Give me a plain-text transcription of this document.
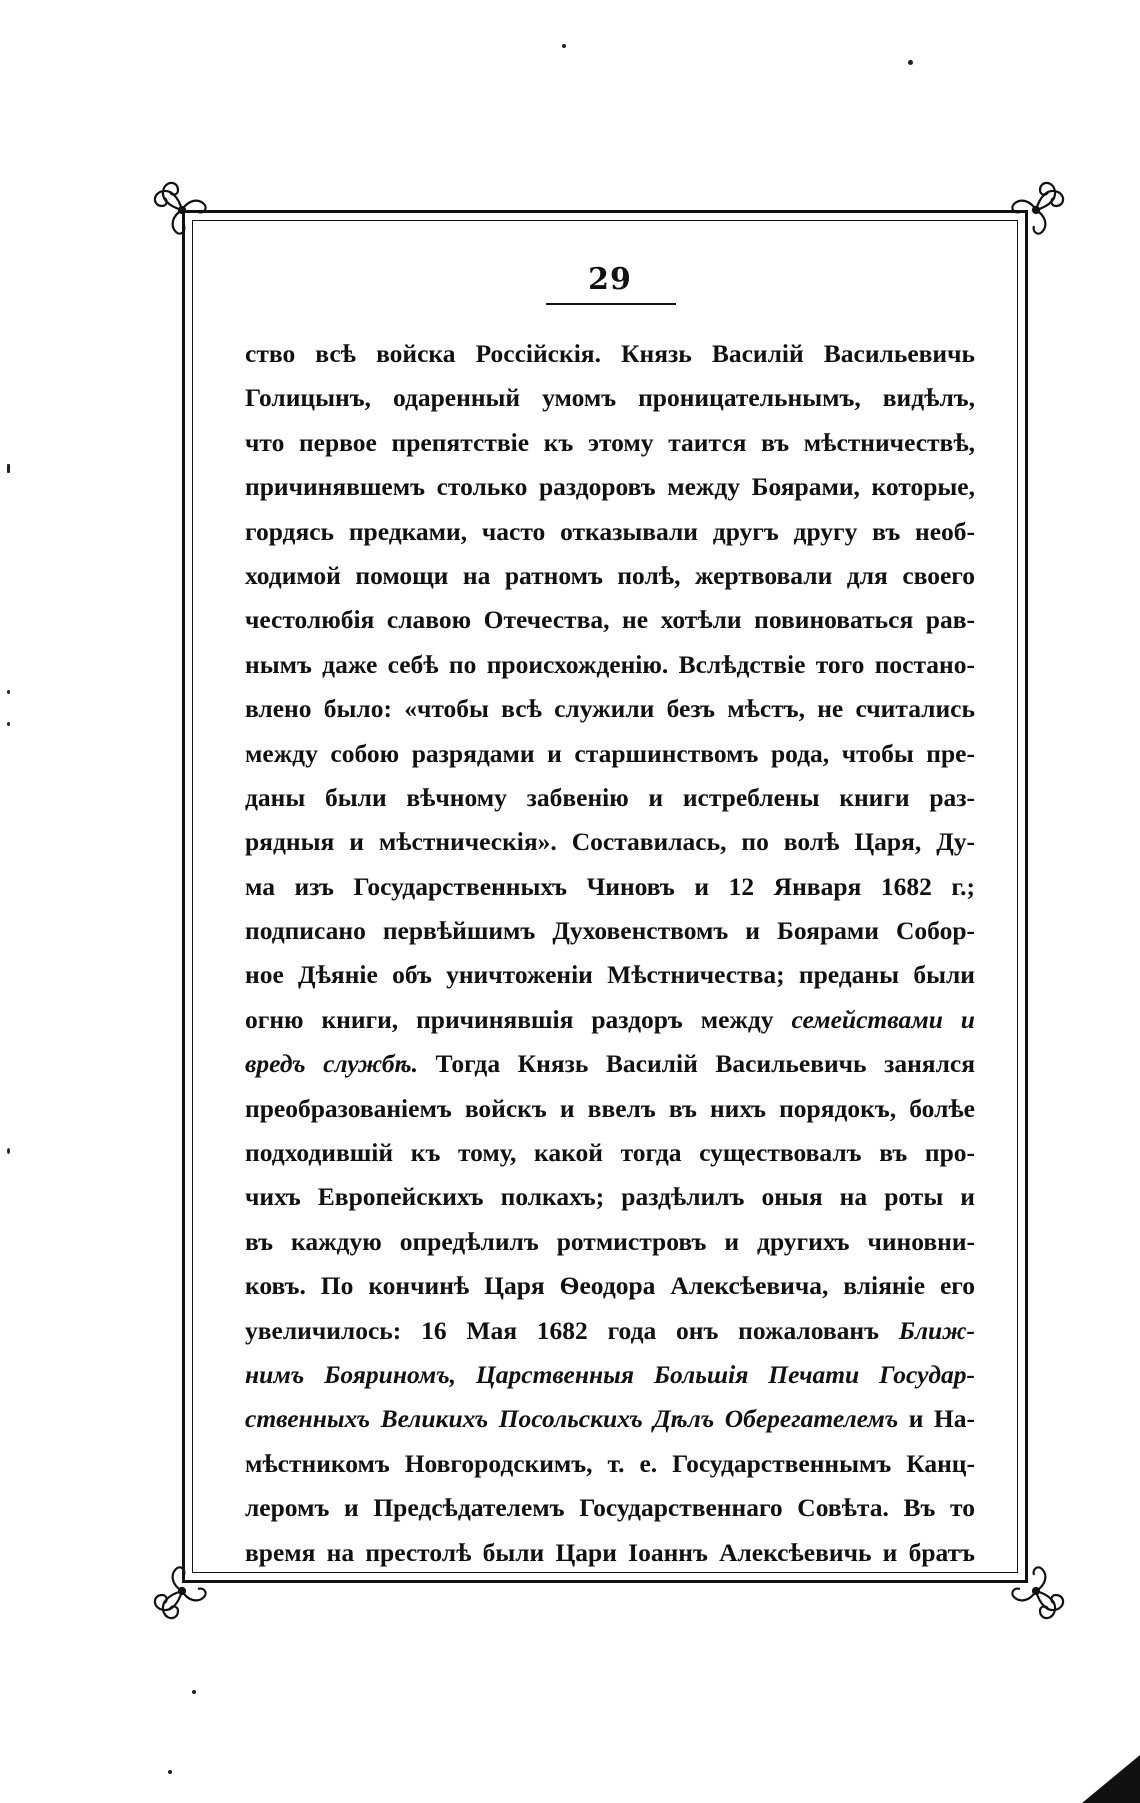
29
ство всѣ войска Россійскія. Князь Василій Васильевичь
Голицынъ, одаренный умомъ проницательнымъ, видѣлъ,
что первое препятствіе къ этому таится въ мѣстничествѣ,
причинявшемъ столько раздоровъ между Боярами, которые,
гордясь предками, часто отказывали другъ другу въ необ-
ходимой помощи на ратномъ полѣ, жертвовали для своего
честолюбія славою Отечества, не хотѣли повиноваться рав-
нымъ даже себѣ по происхожденію. Вслѣдствіе того постано-
влено было: «чтобы всѣ служили безъ мѣстъ, не считались
между собою разрядами и старшинствомъ рода, чтобы пре-
даны были вѣчному забвенію и истреблены книги раз-
рядныя и мѣстническія». Составилась, по волѣ Царя, Ду-
ма изъ Государственныхъ Чиновъ и 12 Января 1682 г.;
подписано первѣйшимъ Духовенствомъ и Боярами Собор-
ное Дѣяніе объ уничтоженіи Мѣстничества; преданы были
огню книги, причинявшія раздоръ между семействами и
вредъ службѣ. Тогда Князь Василій Васильевичь занялся
преобразованіемъ войскъ и ввелъ въ нихъ порядокъ, болѣе
подходившій къ тому, какой тогда существовалъ въ про-
чихъ Европейскихъ полкахъ; раздѣлилъ оныя на роты и
въ каждую опредѣлилъ ротмистровъ и другихъ чиновни-
ковъ. По кончинѣ Царя Ѳеодора Алексѣевича, вліяніе его
увеличилось: 16 Мая 1682 года онъ пожалованъ Ближ-
нимъ Бояриномъ, Царственныя Большія Печати Государ-
ственныхъ Великихъ Посольскихъ Дѣлъ Оберегателемъ и На-
мѣстникомъ Новгородскимъ, т. е. Государственнымъ Канц-
леромъ и Предсѣдателемъ Государственнаго Совѣта. Въ то
время на престолѣ были Цари Іоаннъ Алексѣевичь и братъ
